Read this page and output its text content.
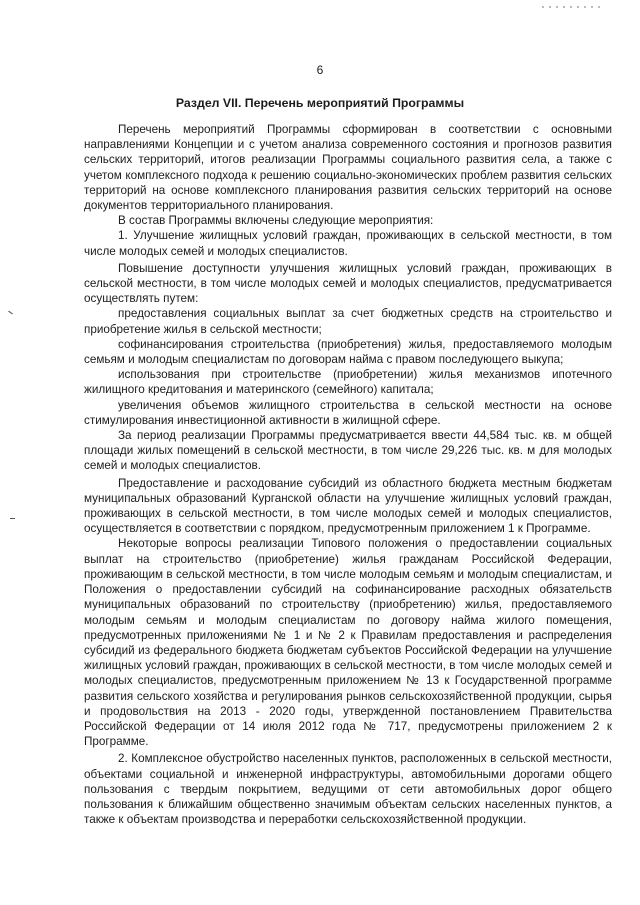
6
Раздел VII. Перечень мероприятий Программы

Перечень мероприятий Программы сформирован в соответствии с основными направлениями Концепции и с учетом анализа современного состояния и прогнозов развития сельских территорий, итогов реализации Программы социального развития села, а также с учетом комплексного подхода к решению социально-экономических проблем развития сельских территорий на основе комплексного планирования развития сельских территорий на основе документов территориального планирования.

В состав Программы включены следующие мероприятия:

1. Улучшение жилищных условий граждан, проживающих в сельской местности, в том числе молодых семей и молодых специалистов.

Повышение доступности улучшения жилищных условий граждан, проживающих в сельской местности, в том числе молодых семей и молодых специалистов, предусматривается осуществлять путем:

предоставления социальных выплат за счет бюджетных средств на строительство и приобретение жилья в сельской местности;

софинансирования строительства (приобретения) жилья, предоставляемого молодым семьям и молодым специалистам по договорам найма с правом последующего выкупа;

использования при строительстве (приобретении) жилья механизмов ипотечного жилищного кредитования и материнского (семейного) капитала;

увеличения объемов жилищного строительства в сельской местности на основе стимулирования инвестиционной активности в жилищной сфере.

За период реализации Программы предусматривается ввести 44,584 тыс. кв. м общей площади жилых помещений в сельской местности, в том числе 29,226 тыс. кв. м для молодых семей и молодых специалистов.

Предоставление и расходование субсидий из областного бюджета местным бюджетам муниципальных образований Курганской области на улучшение жилищных условий граждан, проживающих в сельской местности, в том числе молодых семей и молодых специалистов, осуществляется в соответствии с порядком, предусмотренным приложением 1 к Программе.

Некоторые вопросы реализации Типового положения о предоставлении социальных выплат на строительство (приобретение) жилья гражданам Российской Федерации, проживающим в сельской местности, в том числе молодым семьям и молодым специалистам, и Положения о предоставлении субсидий на софинансирование расходных обязательств муниципальных образований по строительству (приобретению) жилья, предоставляемого молодым семьям и молодым специалистам по договору найма жилого помещения, предусмотренных приложениями № 1 и № 2 к Правилам предоставления и распределения субсидий из федерального бюджета бюджетам субъектов Российской Федерации на улучшение жилищных условий граждан, проживающих в сельской местности, в том числе молодых семей и молодых специалистов, предусмотренным приложением № 13 к Государственной программе развития сельского хозяйства и регулирования рынков сельскохозяйственной продукции, сырья и продовольствия на 2013 - 2020 годы, утвержденной постановлением Правительства Российской Федерации от 14 июля 2012 года № 717, предусмотрены приложением 2 к Программе.

2. Комплексное обустройство населенных пунктов, расположенных в сельской местности, объектами социальной и инженерной инфраструктуры, автомобильными дорогами общего пользования с твердым покрытием, ведущими от сети автомобильных дорог общего пользования к ближайшим общественно значимым объектам сельских населенных пунктов, а также к объектам производства и переработки сельскохозяйственной продукции.
